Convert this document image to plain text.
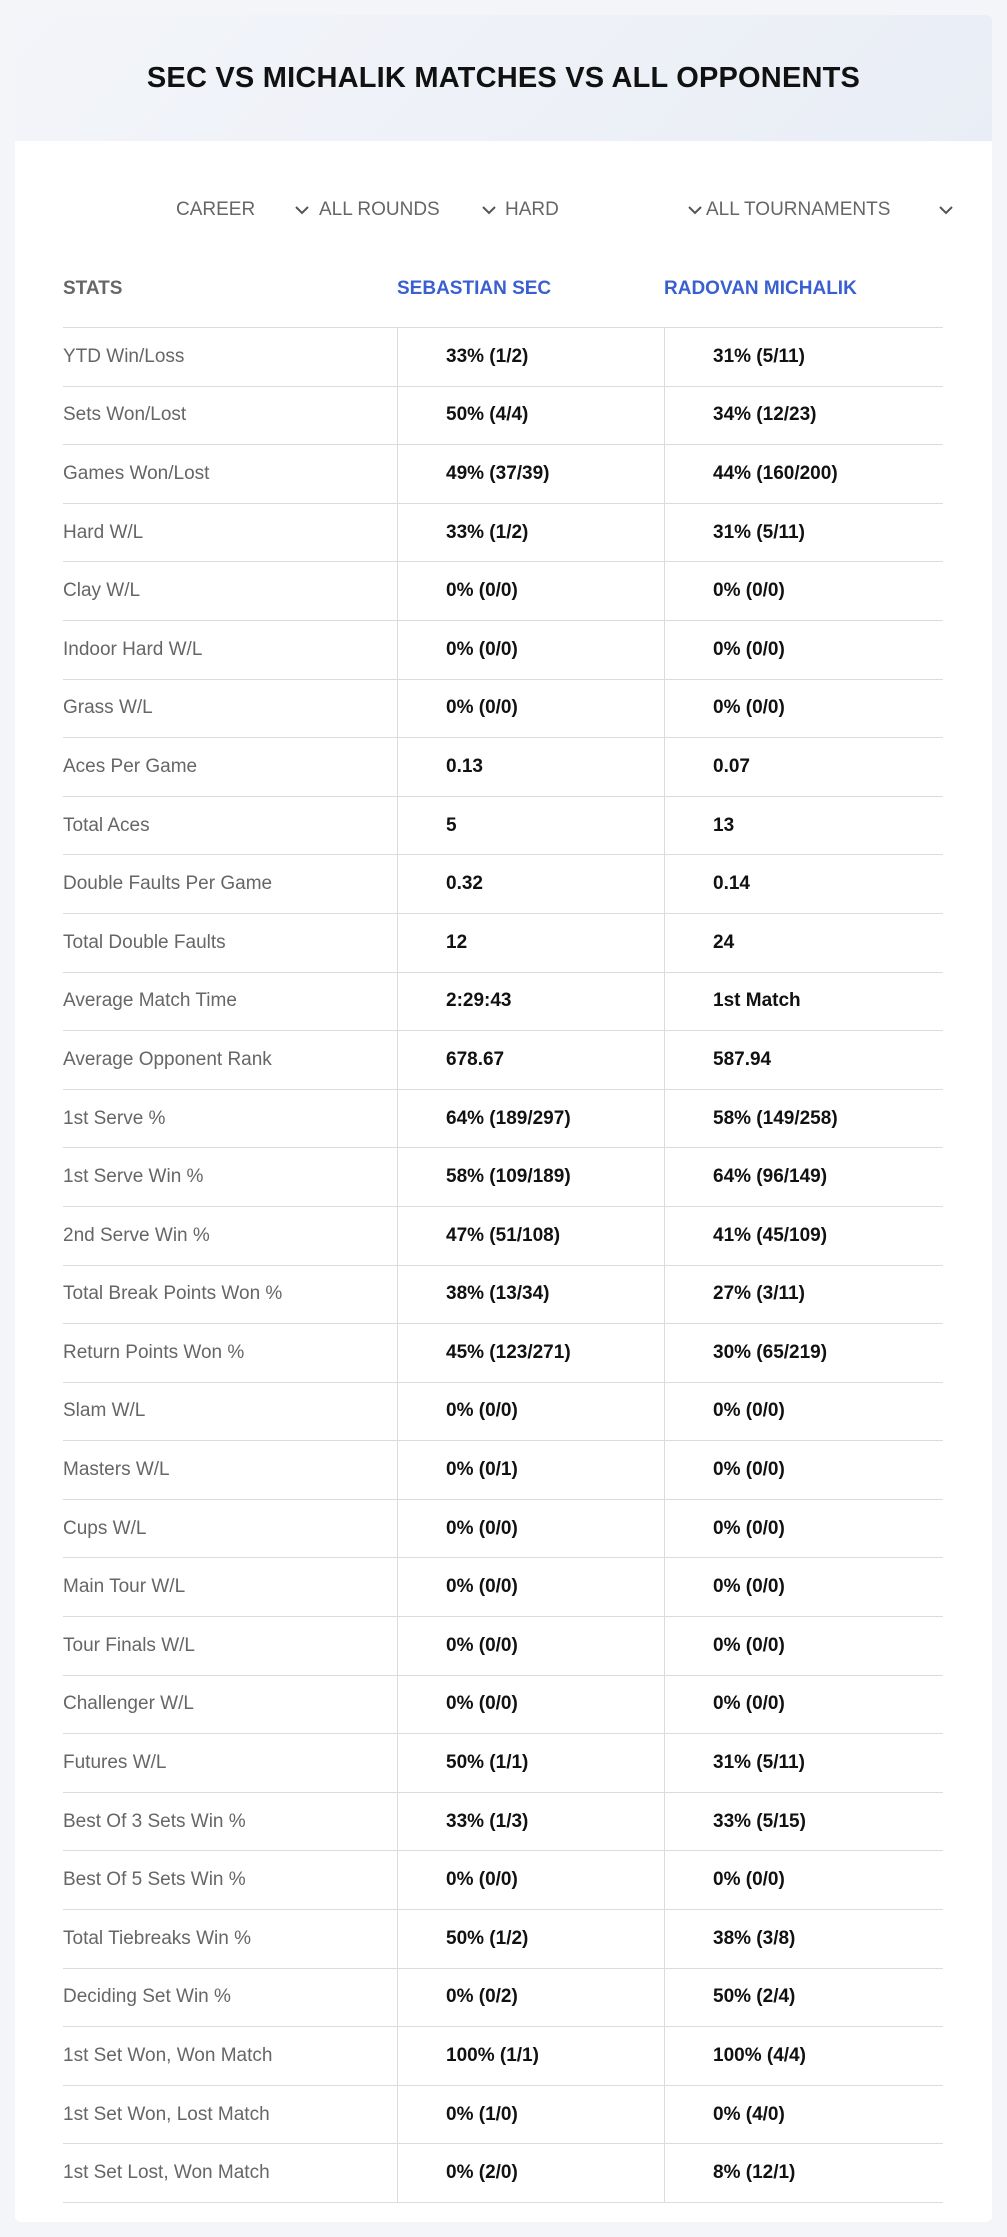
SEC VS MICHALIK MATCHES VS ALL OPPONENTS
CAREER	ALL ROUNDS	HARD	ALL TOURNAMENTS
STATS	SEBASTIAN SEC	RADOVAN MICHALIK
YTD Win/Loss	33% (1/2)	31% (5/11)
Sets Won/Lost	50% (4/4)	34% (12/23)
Games Won/Lost	49% (37/39)	44% (160/200)
Hard W/L	33% (1/2)	31% (5/11)
Clay W/L	0% (0/0)	0% (0/0)
Indoor Hard W/L	0% (0/0)	0% (0/0)
Grass W/L	0% (0/0)	0% (0/0)
Aces Per Game	0.13	0.07
Total Aces	5	13
Double Faults Per Game	0.32	0.14
Total Double Faults	12	24
Average Match Time	2:29:43	1st Match
Average Opponent Rank	678.67	587.94
1st Serve %	64% (189/297)	58% (149/258)
1st Serve Win %	58% (109/189)	64% (96/149)
2nd Serve Win %	47% (51/108)	41% (45/109)
Total Break Points Won %	38% (13/34)	27% (3/11)
Return Points Won %	45% (123/271)	30% (65/219)
Slam W/L	0% (0/0)	0% (0/0)
Masters W/L	0% (0/1)	0% (0/0)
Cups W/L	0% (0/0)	0% (0/0)
Main Tour W/L	0% (0/0)	0% (0/0)
Tour Finals W/L	0% (0/0)	0% (0/0)
Challenger W/L	0% (0/0)	0% (0/0)
Futures W/L	50% (1/1)	31% (5/11)
Best Of 3 Sets Win %	33% (1/3)	33% (5/15)
Best Of 5 Sets Win %	0% (0/0)	0% (0/0)
Total Tiebreaks Win %	50% (1/2)	38% (3/8)
Deciding Set Win %	0% (0/2)	50% (2/4)
1st Set Won, Won Match	100% (1/1)	100% (4/4)
1st Set Won, Lost Match	0% (1/0)	0% (4/0)
1st Set Lost, Won Match	0% (2/0)	8% (12/1)
